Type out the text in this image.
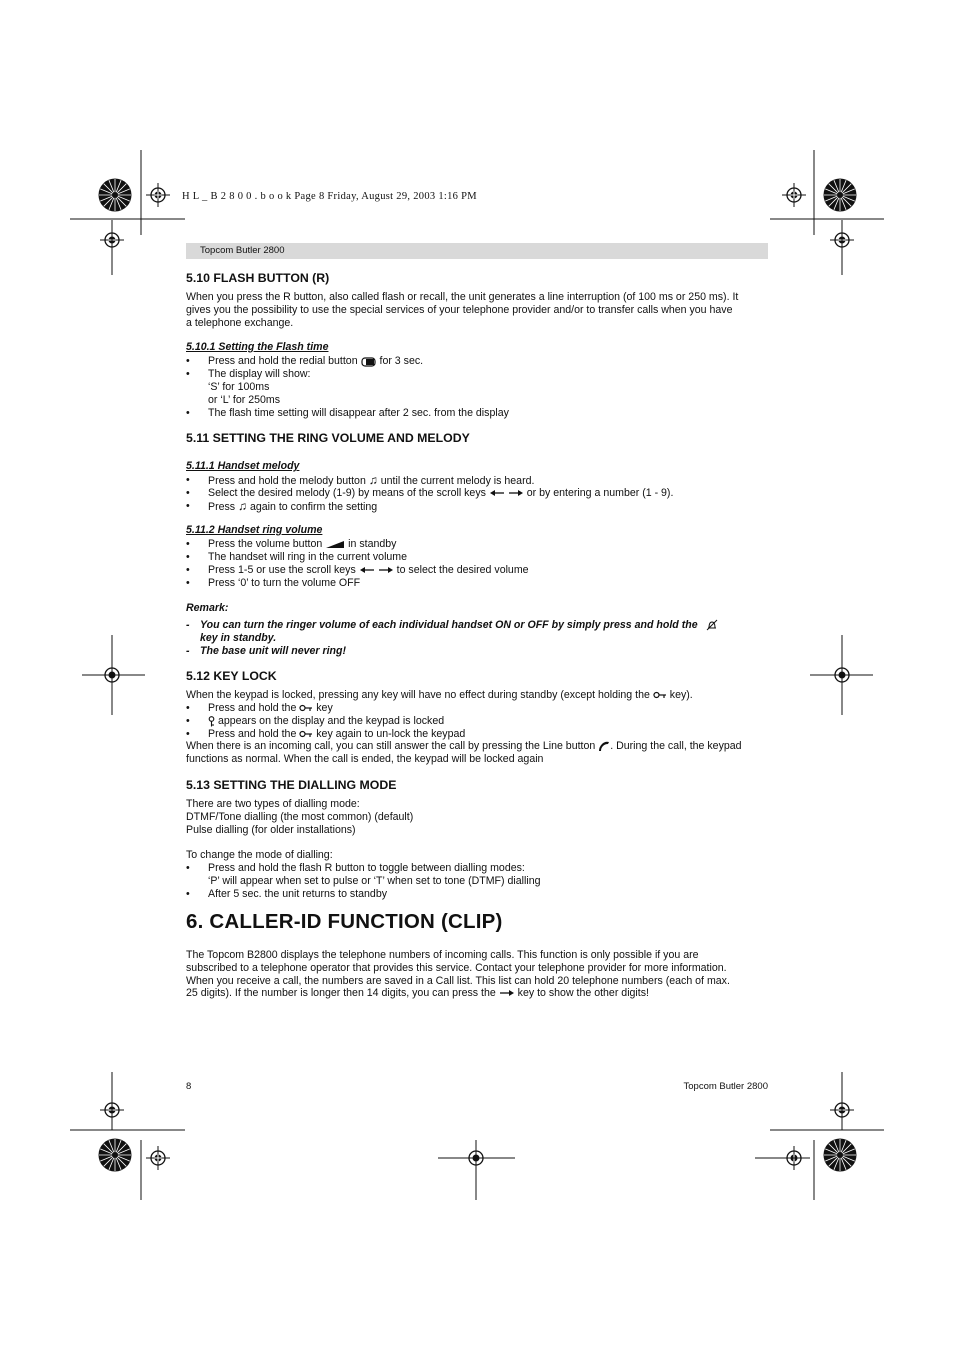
H L _ B 2 8 0 0 . b o o k Page 8 Friday, August 29, 2003 1:16 PM
Topcom Butler 2800
5.10 FLASH BUTTON (R)
When you press the R button, also called flash or recall, the unit generates a line interruption (of 100 ms or 250 ms). It
gives you the possibility to use the special services of your telephone provider and/or to transfer calls when you have
a telephone exchange.
5.10.1 Setting the Flash time
• Press and hold the redial button for 3 sec.
• The display will show:
‘S’ for 100ms
or ‘L’ for 250ms
• The flash time setting will disappear after 2 sec. from the display
5.11 SETTING THE RING VOLUME AND MELODY
5.11.1 Handset melody
• Press and hold the melody button ♫ until the current melody is heard.
• Select the desired melody (1-9) by means of the scroll keys	or by entering a number (1 - 9).
• Press ♫ again to confirm the setting
5.11.2 Handset ring volume
• Press the volume button in standby
• The handset will ring in the current volume
• Press 1-5 or use the scroll keys	to select the desired volume
• Press ‘0’ to turn the volume OFF
Remark:
- You can turn the ringer volume of each individual handset ON or OFF by simply press and hold the
key in standby.
- The base unit will never ring!
5.12 KEY LOCK
When the keypad is locked, pressing any key will have no effect during standby (except holding the key).
• Press and hold the key
•	appears on the display and the keypad is locked
• Press and hold the key again to un-lock the keypad
When there is an incoming call, you can still answer the call by pressing the Line button . During the call, the keypad
functions as normal. When the call is ended, the keypad will be locked again
5.13 SETTING THE DIALLING MODE
There are two types of dialling mode:
DTMF/Tone dialling (the most common) (default)
Pulse dialling (for older installations)
To change the mode of dialling:
• Press and hold the flash R button to toggle between dialling modes:
‘P’ will appear when set to pulse or ‘T’ when set to tone (DTMF) dialling
• After 5 sec. the unit returns to standby
6. CALLER-ID FUNCTION (CLIP)
The Topcom B2800 displays the telephone numbers of incoming calls. This function is only possible if you are
subscribed to a telephone operator that provides this service. Contact your telephone provider for more information.
When you receive a call, the numbers are saved in a Call list. This list can hold 20 telephone numbers (each of max.
25 digits). If the number is longer then 14 digits, you can press the key to show the other digits!
8	Topcom Butler 2800
